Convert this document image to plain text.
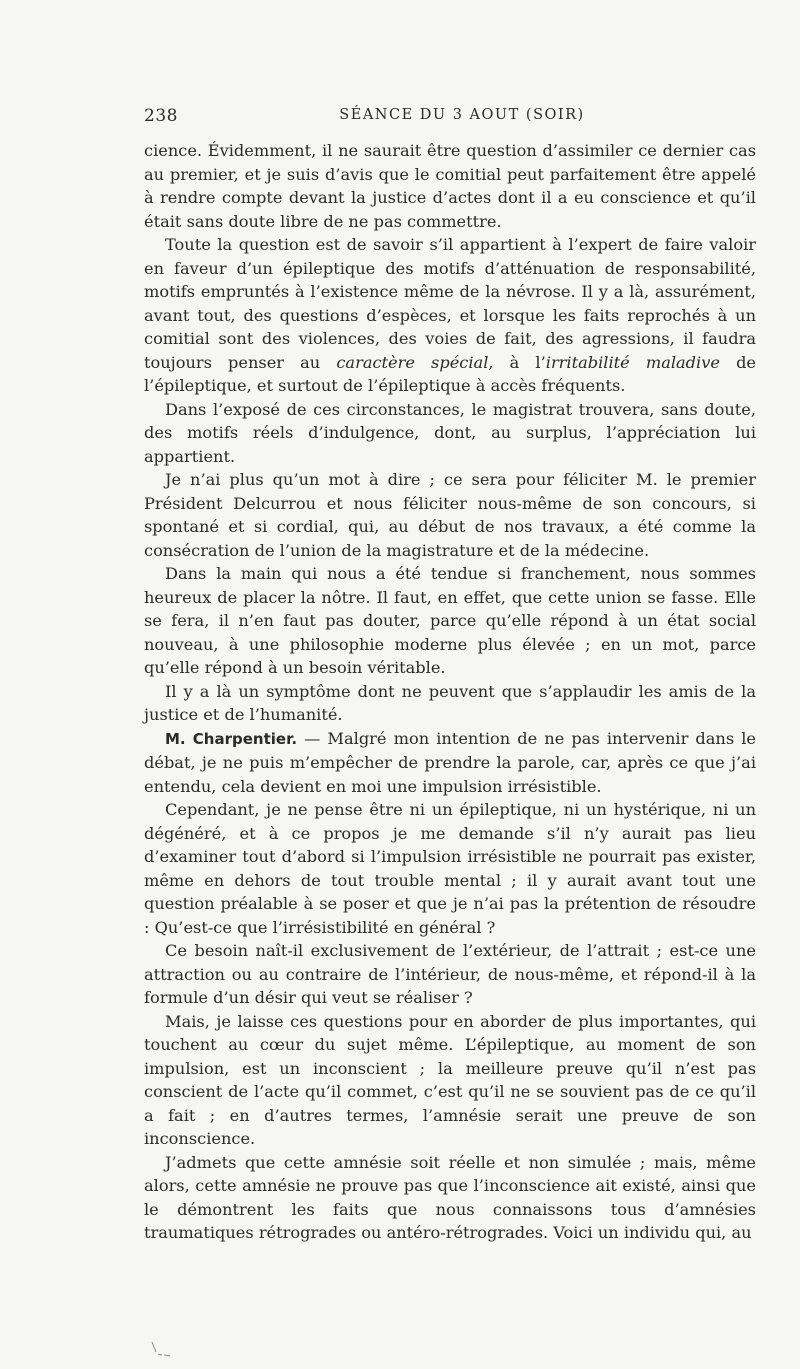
238	SÉANCE DU 3 AOUT (SOIR)

cience. Évidemment, il ne saurait être question d’assimiler ce dernier cas au premier, et je suis d’avis que le comitial peut parfaitement être appelé à rendre compte devant la justice d’actes dont il a eu conscience et qu’il était sans doute libre de ne pas commettre.

Toute la question est de savoir s’il appartient à l’expert de faire valoir en faveur d’un épileptique des motifs d’atténuation de responsabilité, motifs empruntés à l’existence même de la névrose. Il y a là, assurément, avant tout, des questions d’espèces, et lorsque les faits reprochés à un comitial sont des violences, des voies de fait, des agressions, il faudra toujours penser au caractère spécial, à l’irritabilité maladive de l’épileptique, et surtout de l’épileptique à accès fréquents.

Dans l’exposé de ces circonstances, le magistrat trouvera, sans doute, des motifs réels d’indulgence, dont, au surplus, l’appréciation lui appartient.

Je n’ai plus qu’un mot à dire ; ce sera pour féliciter M. le premier Président Delcurrou et nous féliciter nous-même de son concours, si spontané et si cordial, qui, au début de nos travaux, a été comme la consécration de l’union de la magistrature et de la médecine.

Dans la main qui nous a été tendue si franchement, nous sommes heureux de placer la nôtre. Il faut, en effet, que cette union se fasse. Elle se fera, il n’en faut pas douter, parce qu’elle répond à un état social nouveau, à une philosophie moderne plus élevée ; en un mot, parce qu’elle répond à un besoin véritable.

Il y a là un symptôme dont ne peuvent que s’applaudir les amis de la justice et de l’humanité.

M. Charpentier. — Malgré mon intention de ne pas intervenir dans le débat, je ne puis m’empêcher de prendre la parole, car, après ce que j’ai entendu, cela devient en moi une impulsion irrésistible.

Cependant, je ne pense être ni un épileptique, ni un hystérique, ni un dégénéré, et à ce propos je me demande s’il n’y aurait pas lieu d’examiner tout d’abord si l’impulsion irrésistible ne pourrait pas exister, même en dehors de tout trouble mental ; il y aurait avant tout une question préalable à se poser et que je n’ai pas la prétention de résoudre : Qu’est-ce que l’irrésistibilité en général ?

Ce besoin naît-il exclusivement de l’extérieur, de l’attrait ; est-ce une attraction ou au contraire de l’intérieur, de nous-même, et répond-il à la formule d’un désir qui veut se réaliser ?

Mais, je laisse ces questions pour en aborder de plus importantes, qui touchent au cœur du sujet même. L’épileptique, au moment de son impulsion, est un inconscient ; la meilleure preuve qu’il n’est pas conscient de l’acte qu’il commet, c’est qu’il ne se souvient pas de ce qu’il a fait ; en d’autres termes, l’amnésie serait une preuve de son inconscience.

J’admets que cette amnésie soit réelle et non simulée ; mais, même alors, cette amnésie ne prouve pas que l’inconscience ait existé, ainsi que le démontrent les faits que nous connaissons tous d’amnésies traumatiques rétrogrades ou antéro-rétrogrades. Voici un individu qui, au
